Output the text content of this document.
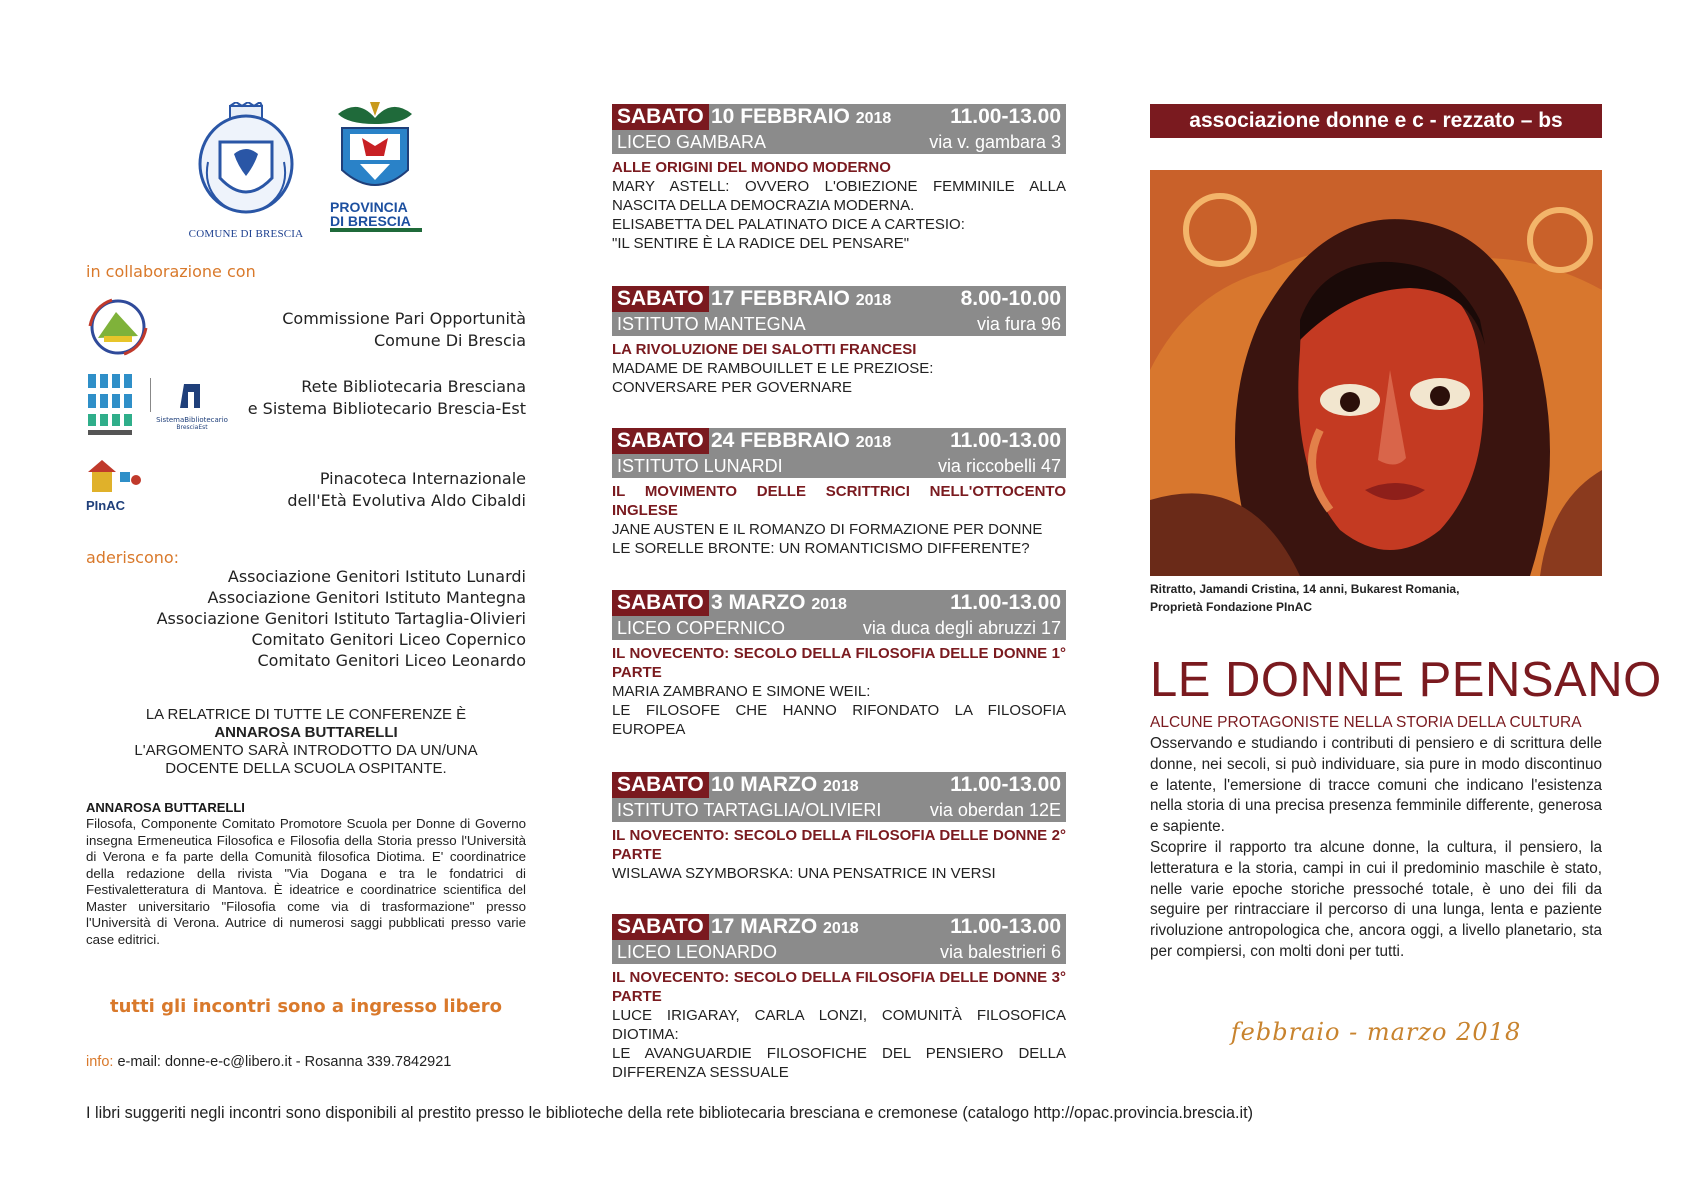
COMUNE DI BRESCIA
PROVINCIA
DI BRESCIA
in collaborazione con
Commissione Pari Opportunità
Comune Di Brescia
SistemaBibliotecario
BresciaEst
Rete Bibliotecaria Bresciana
e Sistema Bibliotecario Brescia-Est
PInAC
Pinacoteca Internazionale
dell'Età Evolutiva Aldo Cibaldi
aderiscono:
Associazione Genitori Istituto Lunardi
Associazione Genitori Istituto Mantegna
Associazione Genitori Istituto Tartaglia-Olivieri
Comitato Genitori Liceo Copernico
Comitato Genitori Liceo Leonardo
LA RELATRICE DI TUTTE LE CONFERENZE È
ANNAROSA BUTTARELLI
L'ARGOMENTO SARÀ INTRODOTTO DA UN/UNA
DOCENTE DELLA SCUOLA OSPITANTE.
ANNAROSA BUTTARELLI
Filosofa, Componente Comitato Promotore Scuola per Donne di Governo insegna Ermeneutica Filosofica e Filosofia della Storia presso l'Università di Verona e fa parte della Comunità filosofica Diotima. E' coordinatrice della redazione della rivista "Via Dogana e tra le fondatrici di Festivaletteratura di Mantova. È ideatrice e coordinatrice scientifica del Master universitario "Filosofia come via di trasformazione" presso l'Università di Verona. Autrice di numerosi saggi pubblicati presso varie case editrici.
tutti gli incontri sono a ingresso libero
info: e-mail: donne-e-c@libero.it - Rosanna 339.7842921
SABATO 10 FEBBRAIO 2018	11.00-13.00
LICEO GAMBARA	via v. gambara 3
ALLE ORIGINI DEL MONDO MODERNO
MARY ASTELL: OVVERO L'OBIEZIONE FEMMINILE ALLA NASCITA DELLA DEMOCRAZIA MODERNA.
ELISABETTA DEL PALATINATO DICE A CARTESIO:
"IL SENTIRE È LA RADICE DEL PENSARE"
SABATO 17 FEBBRAIO 2018	8.00-10.00
ISTITUTO MANTEGNA	via fura 96
LA RIVOLUZIONE DEI SALOTTI FRANCESI
MADAME DE RAMBOUILLET E LE PREZIOSE:
CONVERSARE PER GOVERNARE
SABATO 24 FEBBRAIO 2018	11.00-13.00
ISTITUTO LUNARDI	via riccobelli 47
IL MOVIMENTO DELLE SCRITTRICI NELL'OTTOCENTO INGLESE
JANE AUSTEN E IL ROMANZO DI FORMAZIONE PER DONNE
LE SORELLE BRONTE: UN ROMANTICISMO DIFFERENTE?
SABATO 3 MARZO 2018	11.00-13.00
LICEO COPERNICO	via duca degli abruzzi 17
IL NOVECENTO: SECOLO DELLA FILOSOFIA DELLE DONNE 1° PARTE
MARIA ZAMBRANO E SIMONE WEIL:
LE FILOSOFE CHE HANNO RIFONDATO LA FILOSOFIA EUROPEA
SABATO 10 MARZO 2018	11.00-13.00
ISTITUTO TARTAGLIA/OLIVIERI	via oberdan 12E
IL NOVECENTO: SECOLO DELLA FILOSOFIA DELLE DONNE 2° PARTE
WISLAWA SZYMBORSKA: UNA PENSATRICE IN VERSI
SABATO 17 MARZO 2018	11.00-13.00
LICEO LEONARDO	via balestrieri 6
IL NOVECENTO: SECOLO DELLA FILOSOFIA DELLE DONNE 3° PARTE
LUCE IRIGARAY, CARLA LONZI, COMUNITÀ FILOSOFICA DIOTIMA:
LE AVANGUARDIE FILOSOFICHE DEL PENSIERO DELLA DIFFERENZA SESSUALE
associazione donne e c - rezzato – bs
Ritratto, Jamandi Cristina, 14 anni, Bukarest Romania,
Proprietà Fondazione PInAC
LE DONNE PENSANO
ALCUNE PROTAGONISTE NELLA STORIA DELLA CULTURA

Osservando e studiando i contributi di pensiero e di scrittura delle donne, nei secoli, si può individuare, sia pure in modo discontinuo e latente, l'emersione di tracce comuni che indicano l'esistenza nella storia di una precisa presenza femminile differente, generosa e sapiente.

Scoprire il rapporto tra alcune donne, la cultura, il pensiero, la letteratura e la storia, campi in cui il predominio maschile è stato, nelle varie epoche storiche pressoché totale, è uno dei fili da seguire per rintracciare il percorso di una lunga, lenta e paziente rivoluzione antropologica che, ancora oggi, a livello planetario, sta per compiersi, con molti doni per tutti.

febbraio - marzo 2018
I libri suggeriti negli incontri sono disponibili al prestito presso le biblioteche della rete bibliotecaria bresciana e cremonese (catalogo http://opac.provincia.brescia.it)
